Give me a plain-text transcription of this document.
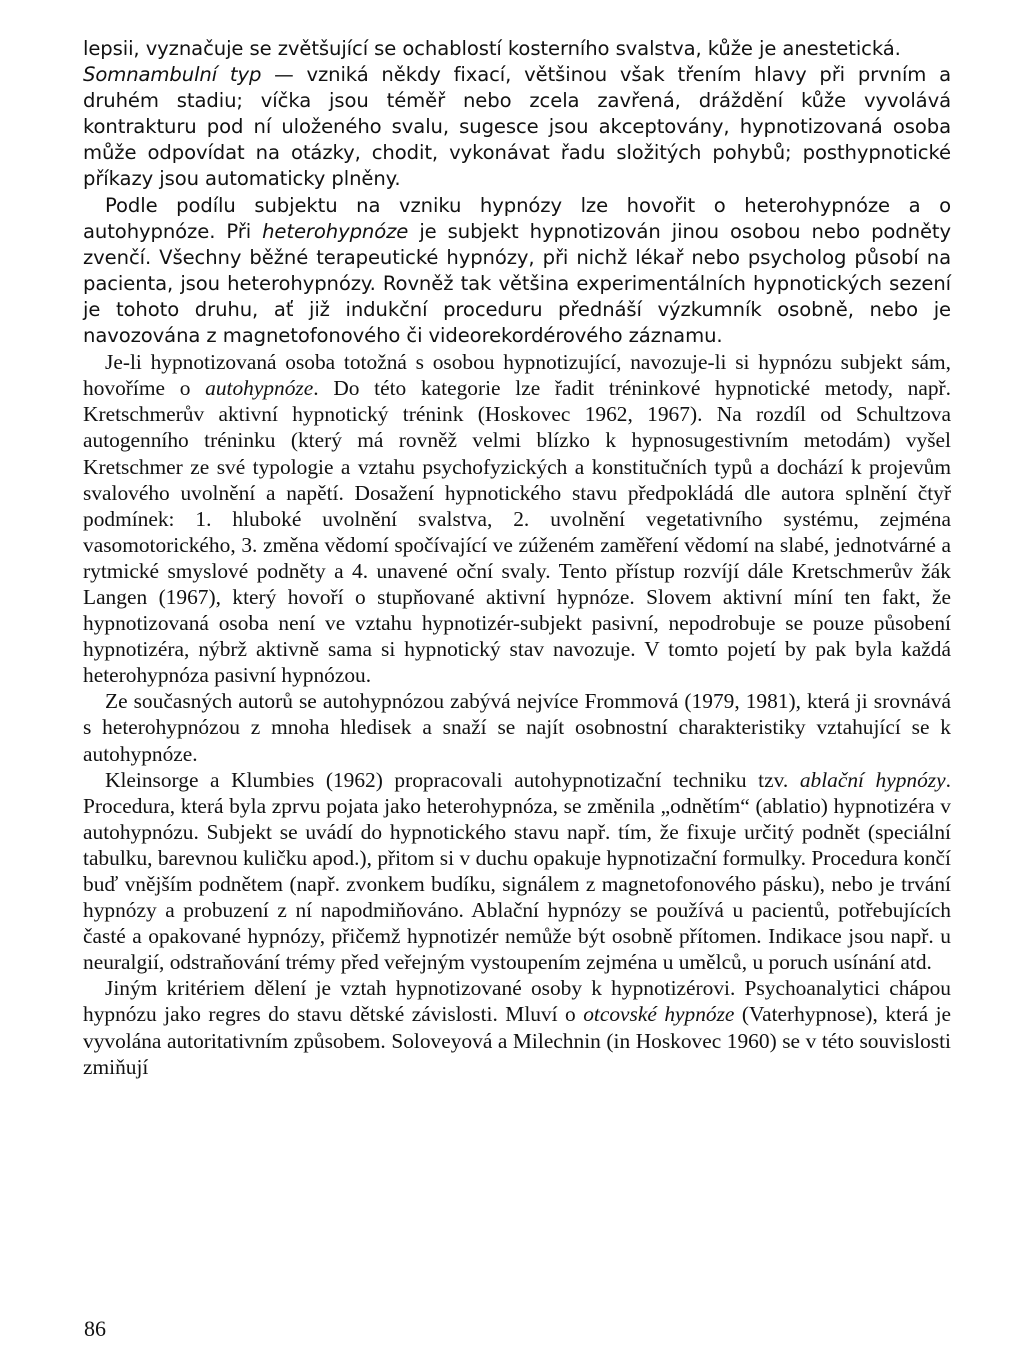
lepsii, vyznačuje se zvětšující se ochablostí kosterního svalstva, kůže je anestetická.

Somnambulní typ — vzniká někdy fixací, většinou však třením hlavy při prvním a druhém stadiu; víčka jsou téměř nebo zcela zavřená, dráždění kůže vyvolává kontrakturu pod ní uloženého svalu, sugesce jsou akceptovány, hypnotizovaná osoba může odpovídat na otázky, chodit, vykonávat řadu složitých pohybů; posthypnotické příkazy jsou automaticky plněny.

Podle podílu subjektu na vzniku hypnózy lze hovořit o heterohypnóze a o autohypnóze. Při heterohypnóze je subjekt hypnotizován jinou osobou nebo podněty zvenčí. Všechny běžné terapeutické hypnózy, při nichž lékař nebo psycholog působí na pacienta, jsou heterohypnózy. Rovněž tak většina experimentálních hypnotických sezení je tohoto druhu, ať již indukční proceduru přednáší výzkumník osobně, nebo je navozována z magnetofonového či videorekordérového záznamu.

Je-li hypnotizovaná osoba totožná s osobou hypnotizující, navozuje-li si hypnózu subjekt sám, hovoříme o autohypnóze. Do této kategorie lze řadit tréninkové hypnotické metody, např. Kretschmerův aktivní hypnotický trénink (Hoskovec 1962, 1967). Na rozdíl od Schultzova autogenního tréninku (který má rovněž velmi blízko k hypnosugestivním metodám) vyšel Kretschmer ze své typologie a vztahu psychofyzických a konstitučních typů a dochází k projevům svalového uvolnění a napětí. Dosažení hypnotického stavu předpokládá dle autora splnění čtyř podmínek: 1. hluboké uvolnění svalstva, 2. uvolnění vegetativního systému, zejména vasomotorického, 3. změna vědomí spočívající ve zúženém zaměření vědomí na slabé, jednotvárné a rytmické smyslové podněty a 4. unavené oční svaly. Tento přístup rozvíjí dále Kretschmerův žák Langen (1967), který hovoří o stupňované aktivní hypnóze. Slovem aktivní míní ten fakt, že hypnotizovaná osoba není ve vztahu hypnotizér-subjekt pasivní, nepodrobuje se pouze působení hypnotizéra, nýbrž aktivně sama si hypnotický stav navozuje. V tomto pojetí by pak byla každá heterohypnóza pasivní hypnózou.

Ze současných autorů se autohypnózou zabývá nejvíce Frommová (1979, 1981), která ji srovnává s heterohypnózou z mnoha hledisek a snaží se najít osobnostní charakteristiky vztahující se k autohypnóze.

Kleinsorge a Klumbies (1962) propracovali autohypnotizační techniku tzv. ablační hypnózy. Procedura, která byla zprvu pojata jako heterohypnóza, se změnila „odnětím“ (ablatio) hypnotizéra v autohypnózu. Subjekt se uvádí do hypnotického stavu např. tím, že fixuje určitý podnět (speciální tabulku, barevnou kuličku apod.), přitom si v duchu opakuje hypnotizační formulky. Procedura končí buď vnějším podnětem (např. zvonkem budíku, signálem z magnetofonového pásku), nebo je trvání hypnózy a probuzení z ní napodmiňováno. Ablační hypnózy se používá u pacientů, potřebujících časté a opakované hypnózy, přičemž hypnotizér nemůže být osobně přítomen. Indikace jsou např. u neuralgií, odstraňování trémy před veřejným vystoupením zejména u umělců, u poruch usínání atd.

Jiným kritériem dělení je vztah hypnotizované osoby k hypnotizérovi. Psychoanalytici chápou hypnózu jako regres do stavu dětské závislosti. Mluví o otcovské hypnóze (Vaterhypnose), která je vyvolána autoritativním způsobem. Soloveyová a Milechnin (in Hoskovec 1960) se v této souvislosti zmiňují

86
